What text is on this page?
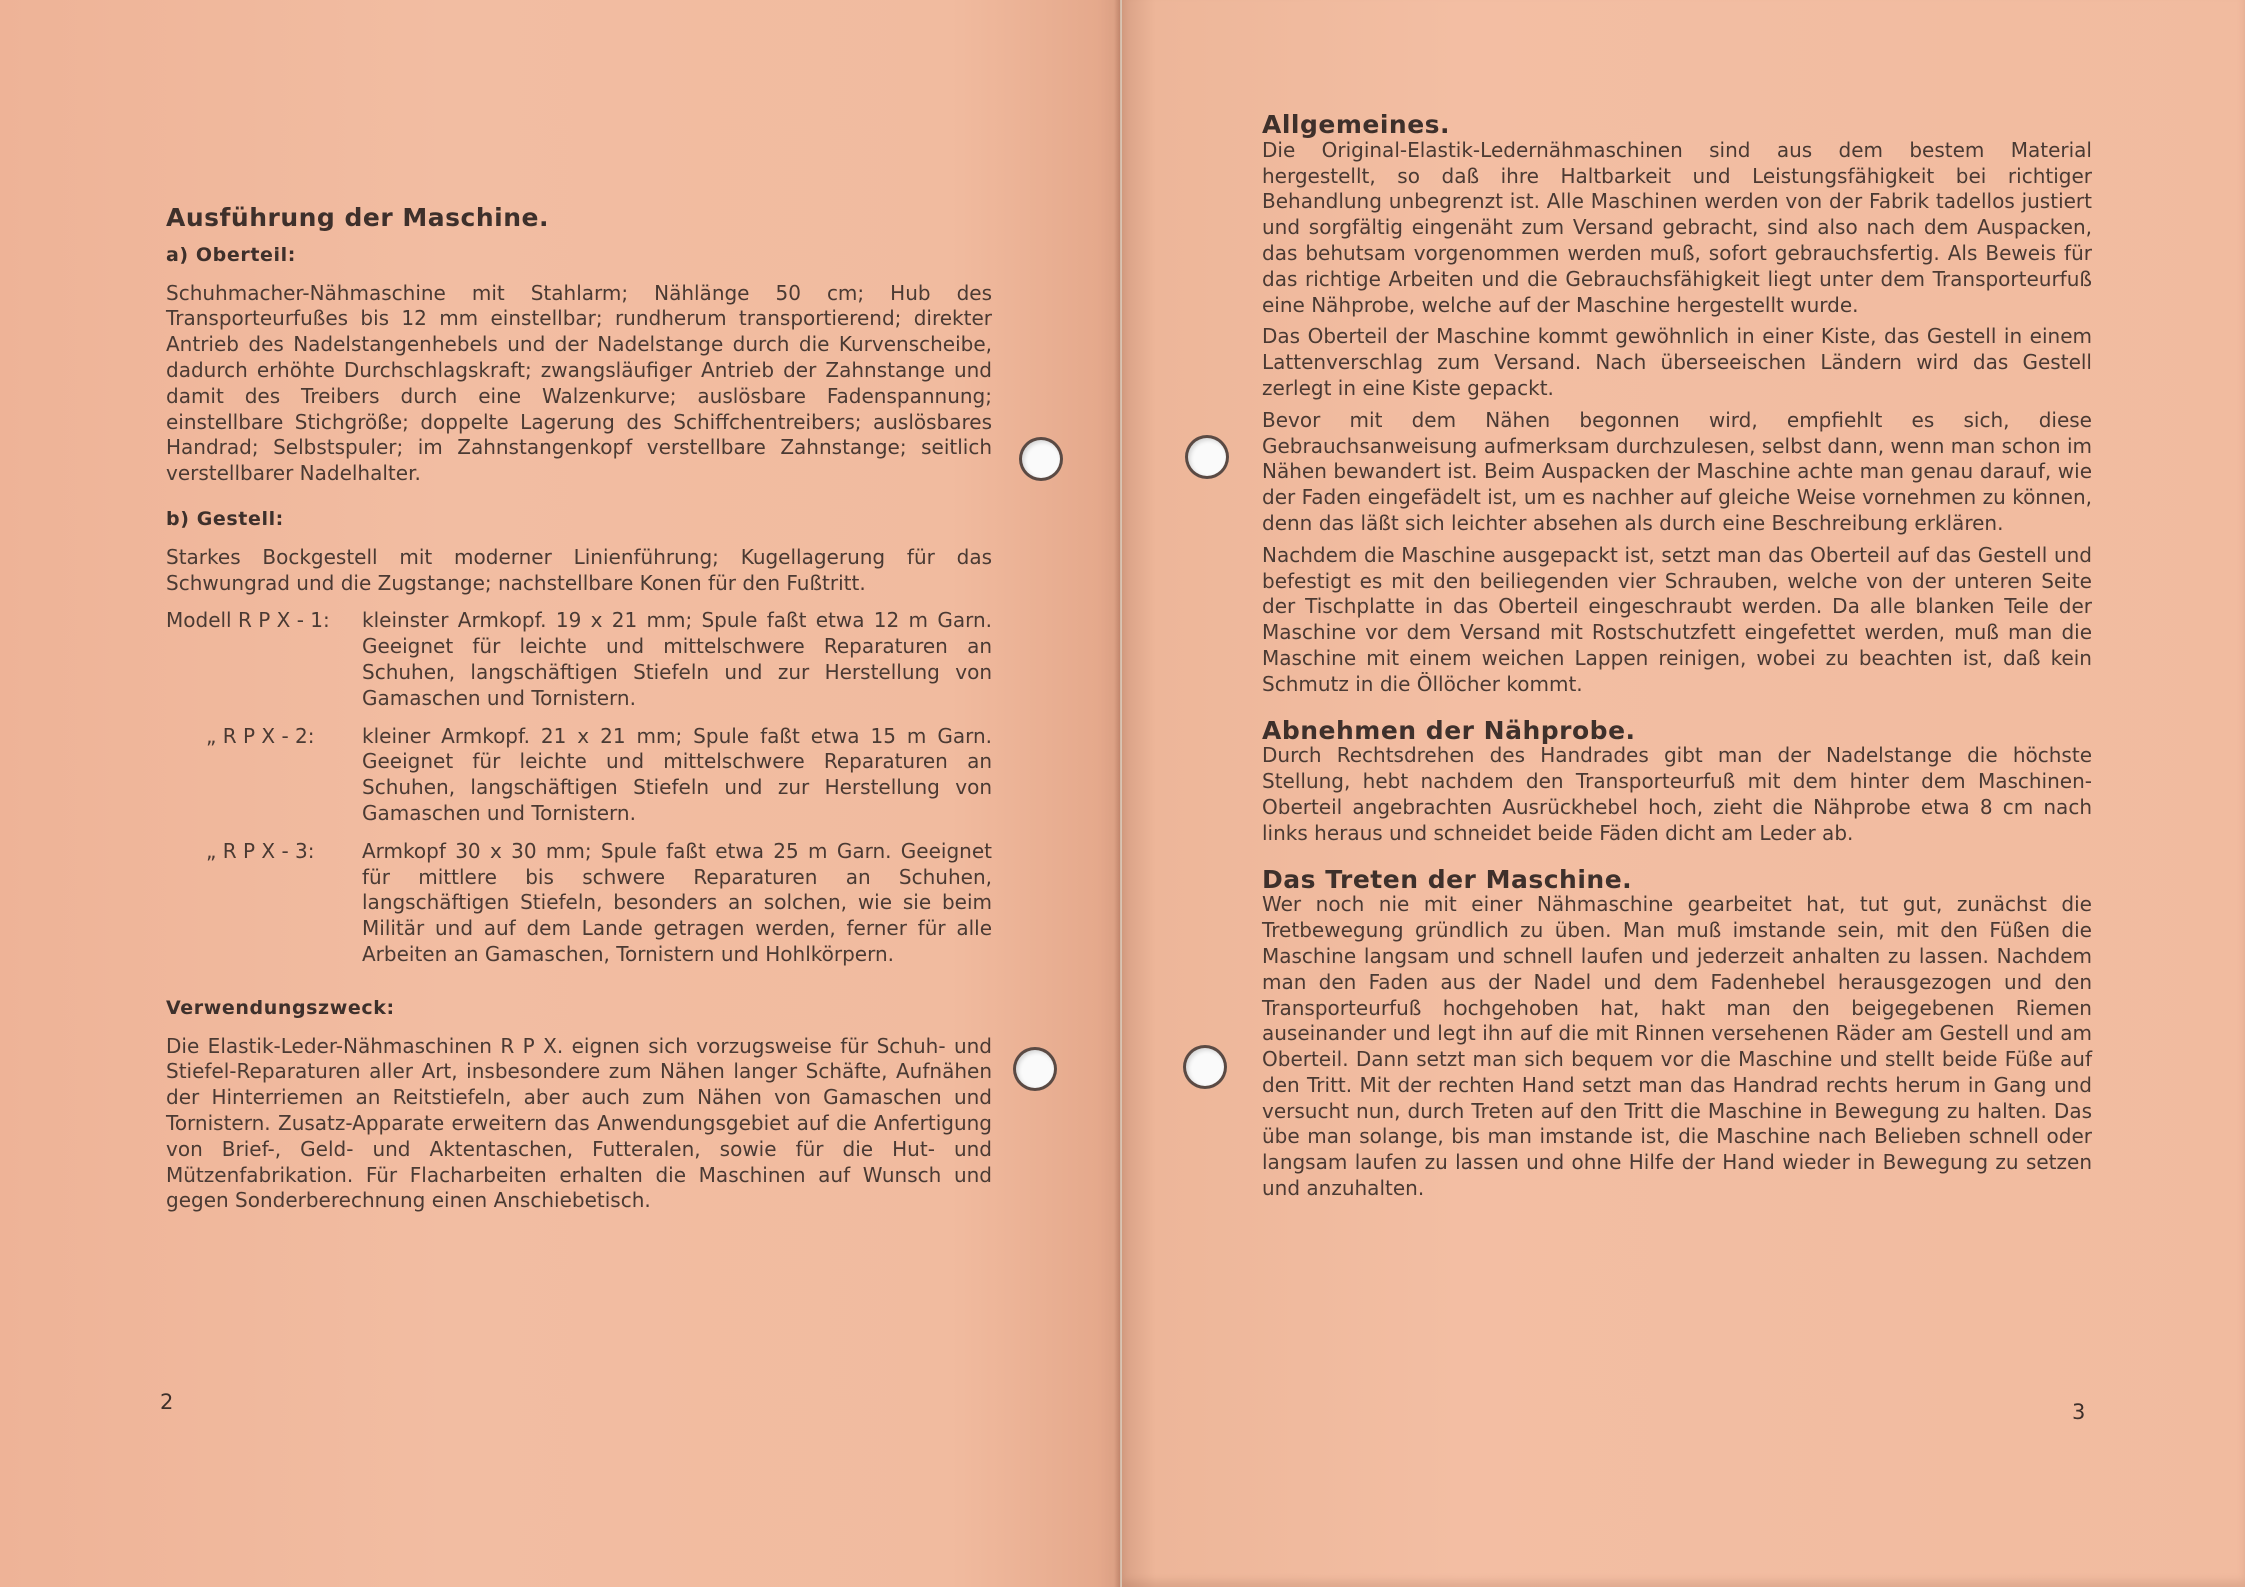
Ausführung der Maschine.
a) Oberteil:

Schuhmacher-Nähmaschine mit Stahlarm; Nählänge 50 cm; Hub des Transporteurfußes bis 12 mm einstellbar; rundherum transportierend; direkter Antrieb des Nadelstangenhebels und der Nadelstange durch die Kurvenscheibe, dadurch erhöhte Durchschlagskraft; zwangsläufiger Antrieb der Zahnstange und damit des Treibers durch eine Walzenkurve; auslösbare Fadenspannung; einstellbare Stichgröße; doppelte Lagerung des Schiffchentreibers; auslösbares Handrad; Selbstspuler; im Zahnstangenkopf verstellbare Zahnstange; seitlich verstellbarer Nadelhalter.

b) Gestell:

Starkes Bockgestell mit moderner Linienführung; Kugellagerung für das Schwungrad und die Zugstange; nachstellbare Konen für den Fußtritt.

Modell R P X - 1:	kleinster Armkopf. 19 x 21 mm; Spule faßt etwa 12 m Garn. Geeignet für leichte und mittelschwere Reparaturen an Schuhen, langschäftigen Stiefeln und zur Herstellung von Gamaschen und Tornistern.
„ R P X - 2:	kleiner Armkopf. 21 x 21 mm; Spule faßt etwa 15 m Garn. Geeignet für leichte und mittelschwere Reparaturen an Schuhen, langschäftigen Stiefeln und zur Herstellung von Gamaschen und Tornistern.
„ R P X - 3:	Armkopf 30 x 30 mm; Spule faßt etwa 25 m Garn. Geeignet für mittlere bis schwere Reparaturen an Schuhen, langschäftigen Stiefeln, besonders an solchen, wie sie beim Militär und auf dem Lande getragen werden, ferner für alle Arbeiten an Gamaschen, Tornistern und Hohlkörpern.
Verwendungszweck:

Die Elastik-Leder-Nähmaschinen R P X. eignen sich vorzugsweise für Schuh- und Stiefel-Reparaturen aller Art, insbesondere zum Nähen langer Schäfte, Aufnähen der Hinterriemen an Reitstiefeln, aber auch zum Nähen von Gamaschen und Tornistern. Zusatz-Apparate erweitern das Anwendungsgebiet auf die Anfertigung von Brief-, Geld- und Aktentaschen, Futteralen, sowie für die Hut- und Mützenfabrikation. Für Flacharbeiten erhalten die Maschinen auf Wunsch und gegen Sonderberechnung einen Anschiebetisch.

2	3
Allgemeines.

Die Original-Elastik-Ledernähmaschinen sind aus dem bestem Material hergestellt, so daß ihre Haltbarkeit und Leistungsfähigkeit bei richtiger Behandlung unbegrenzt ist. Alle Maschinen werden von der Fabrik tadellos justiert und sorgfältig eingenäht zum Versand gebracht, sind also nach dem Auspacken, das behutsam vorgenommen werden muß, sofort gebrauchsfertig. Als Beweis für das richtige Arbeiten und die Gebrauchsfähigkeit liegt unter dem Transporteurfuß eine Nähprobe, welche auf der Maschine hergestellt wurde.

Das Oberteil der Maschine kommt gewöhnlich in einer Kiste, das Gestell in einem Lattenverschlag zum Versand. Nach überseeischen Ländern wird das Gestell zerlegt in eine Kiste gepackt.

Bevor mit dem Nähen begonnen wird, empfiehlt es sich, diese Gebrauchsanweisung aufmerksam durchzulesen, selbst dann, wenn man schon im Nähen bewandert ist. Beim Auspacken der Maschine achte man genau darauf, wie der Faden eingefädelt ist, um es nachher auf gleiche Weise vornehmen zu können, denn das läßt sich leichter absehen als durch eine Beschreibung erklären.

Nachdem die Maschine ausgepackt ist, setzt man das Oberteil auf das Gestell und befestigt es mit den beiliegenden vier Schrauben, welche von der unteren Seite der Tischplatte in das Oberteil eingeschraubt werden. Da alle blanken Teile der Maschine vor dem Versand mit Rostschutzfett eingefettet werden, muß man die Maschine mit einem weichen Lappen reinigen, wobei zu beachten ist, daß kein Schmutz in die Öllöcher kommt.

Abnehmen der Nähprobe.

Durch Rechtsdrehen des Handrades gibt man der Nadelstange die höchste Stellung, hebt nachdem den Transporteurfuß mit dem hinter dem Maschinen-Oberteil angebrachten Ausrückhebel hoch, zieht die Nähprobe etwa 8 cm nach links heraus und schneidet beide Fäden dicht am Leder ab.

Das Treten der Maschine.

Wer noch nie mit einer Nähmaschine gearbeitet hat, tut gut, zunächst die Tretbewegung gründlich zu üben. Man muß imstande sein, mit den Füßen die Maschine langsam und schnell laufen und jederzeit anhalten zu lassen. Nachdem man den Faden aus der Nadel und dem Fadenhebel herausgezogen und den Transporteurfuß hochgehoben hat, hakt man den beigegebenen Riemen auseinander und legt ihn auf die mit Rinnen versehenen Räder am Gestell und am Oberteil. Dann setzt man sich bequem vor die Maschine und stellt beide Füße auf den Tritt. Mit der rechten Hand setzt man das Handrad rechts herum in Gang und versucht nun, durch Treten auf den Tritt die Maschine in Bewegung zu halten. Das übe man solange, bis man imstande ist, die Maschine nach Belieben schnell oder langsam laufen zu lassen und ohne Hilfe der Hand wieder in Bewegung zu setzen und anzuhalten.
